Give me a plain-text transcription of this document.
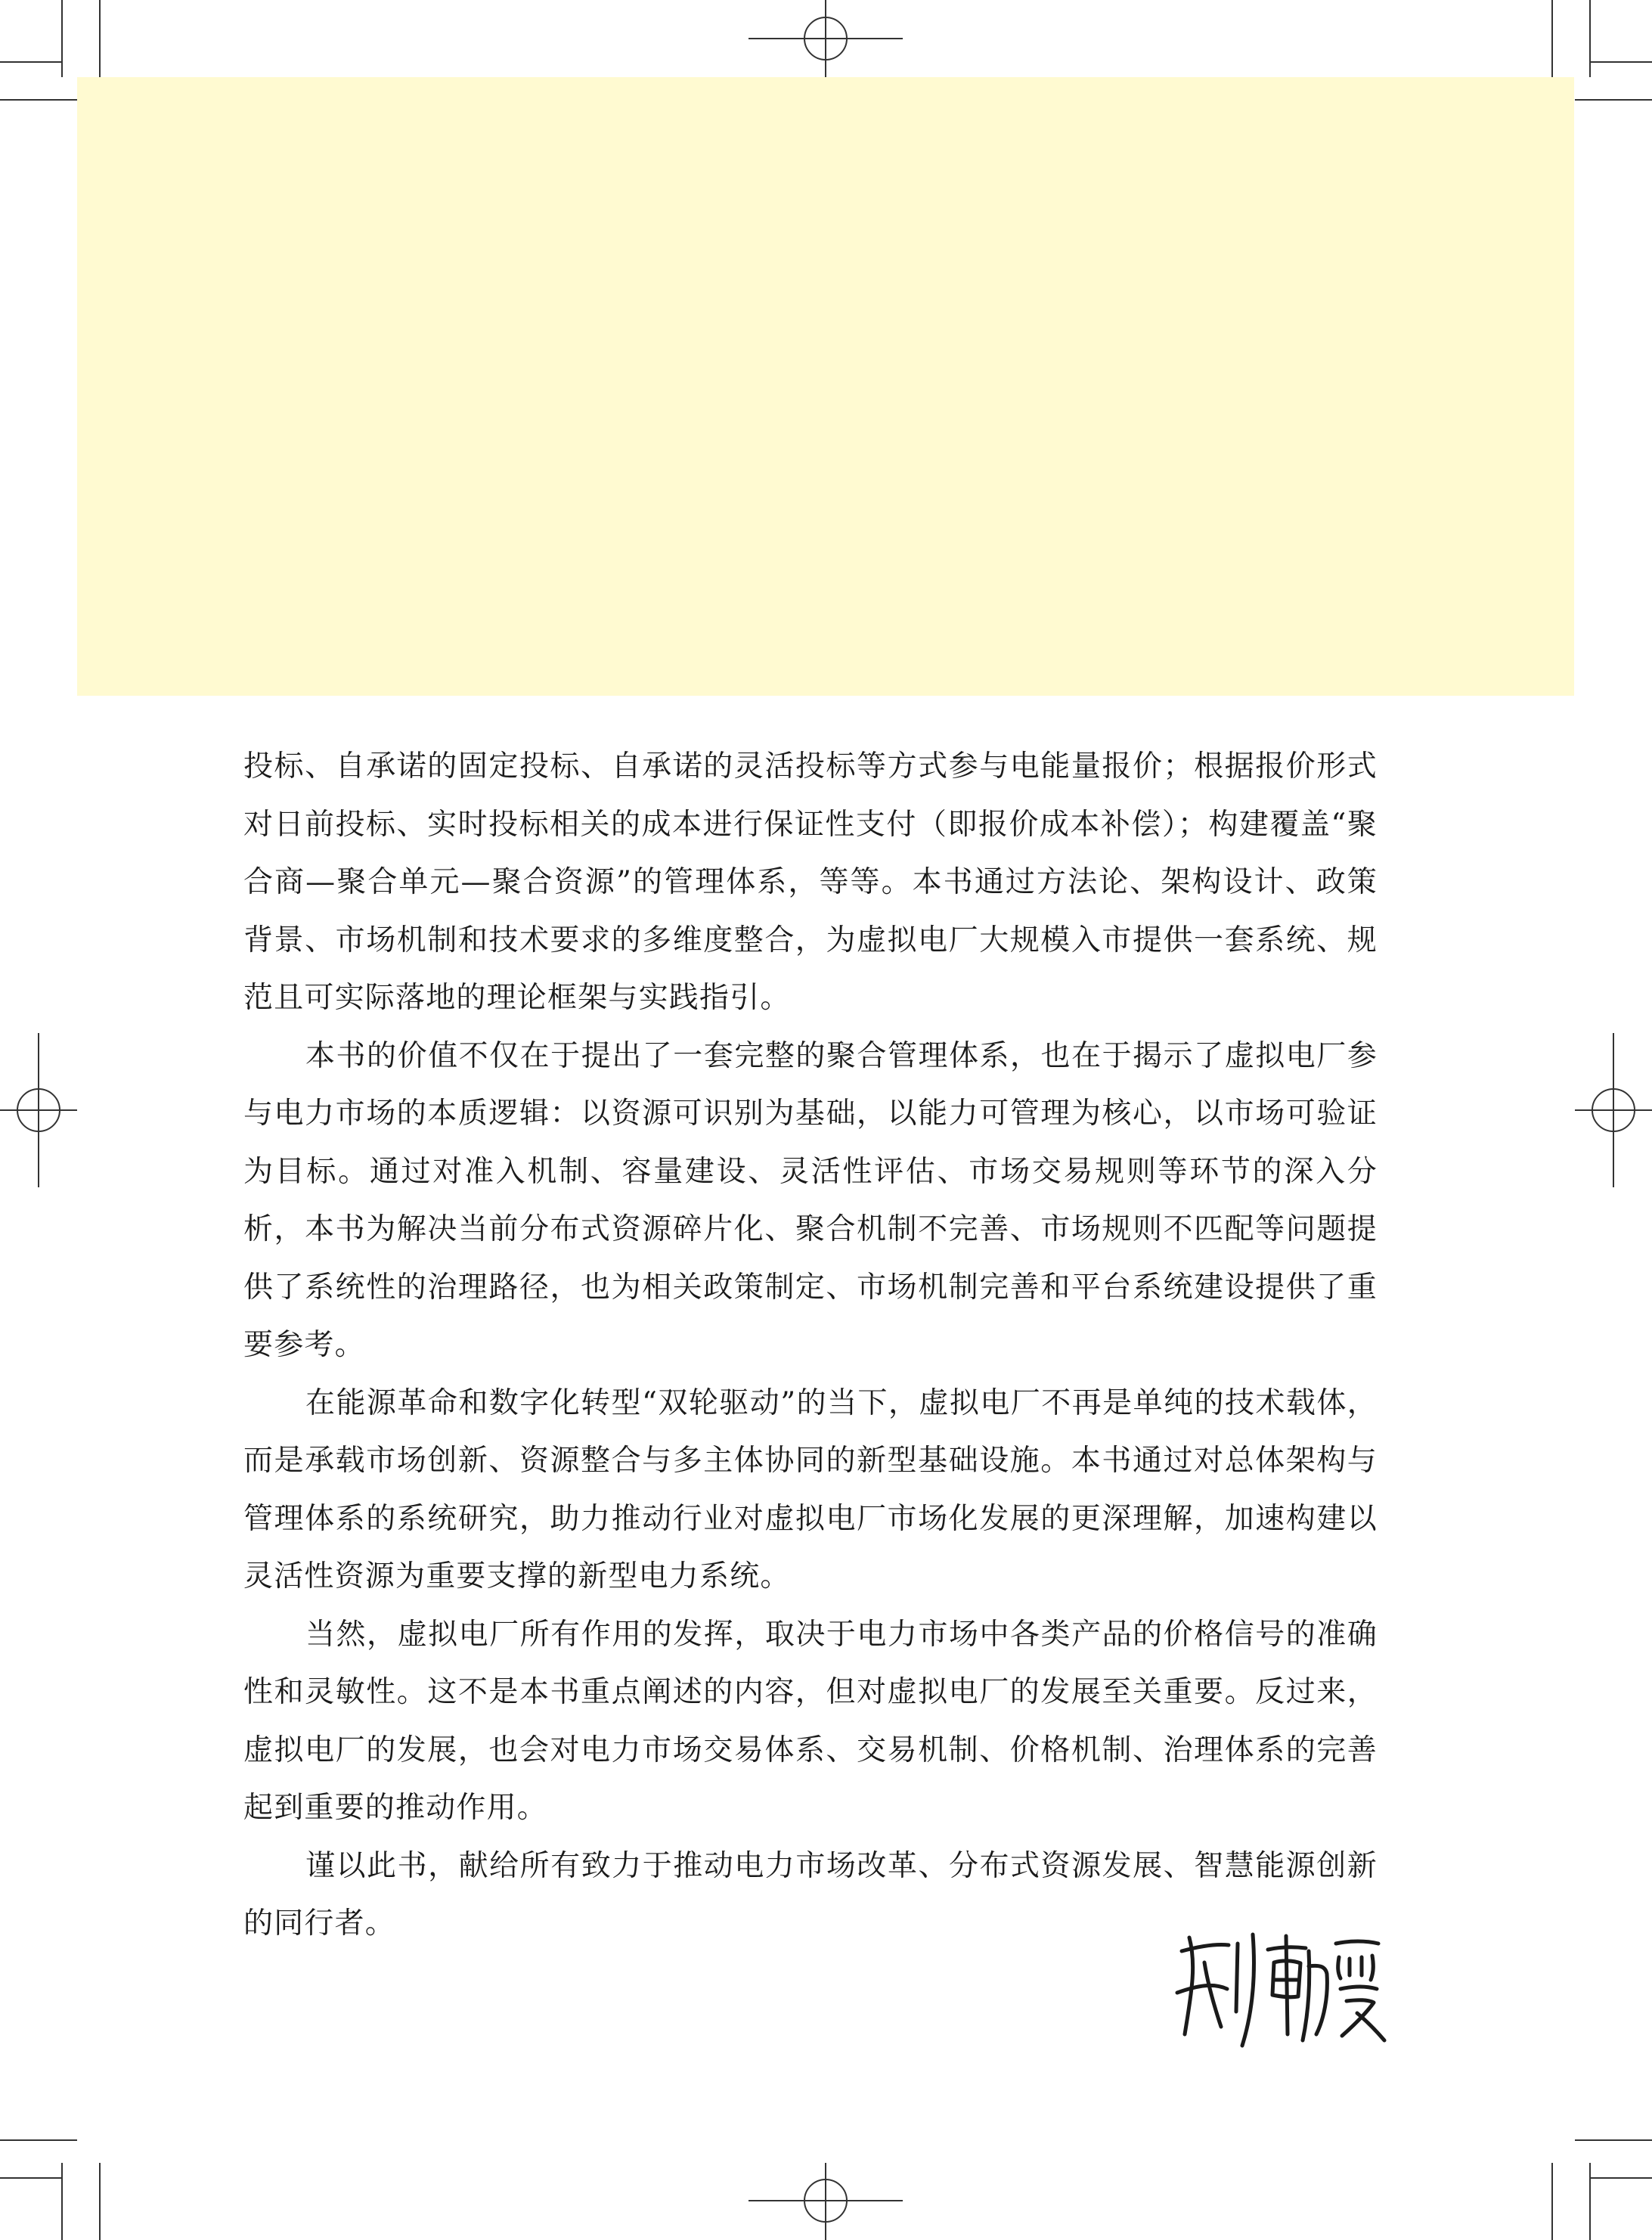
投标、自承诺的固定投标、自承诺的灵活投标等方式参与电能量报价；根据报价形式对日前投标、实时投标相关的成本进行保证性支付（即报价成本补偿）；构建覆盖“聚合商—聚合单元—聚合资源”的管理体系，等等。本书通过方法论、架构设计、政策背景、市场机制和技术要求的多维度整合，为虚拟电厂大规模入市提供一套系统、规范且可实际落地的理论框架与实践指引。

本书的价值不仅在于提出了一套完整的聚合管理体系，也在于揭示了虚拟电厂参与电力市场的本质逻辑：以资源可识别为基础，以能力可管理为核心，以市场可验证为目标。通过对准入机制、容量建设、灵活性评估、市场交易规则等环节的深入分析，本书为解决当前分布式资源碎片化、聚合机制不完善、市场规则不匹配等问题提供了系统性的治理路径，也为相关政策制定、市场机制完善和平台系统建设提供了重要参考。

在能源革命和数字化转型“双轮驱动”的当下，虚拟电厂不再是单纯的技术载体，而是承载市场创新、资源整合与多主体协同的新型基础设施。本书通过对总体架构与管理体系的系统研究，助力推动行业对虚拟电厂市场化发展的更深理解，加速构建以灵活性资源为重要支撑的新型电力系统。

当然，虚拟电厂所有作用的发挥，取决于电力市场中各类产品的价格信号的准确性和灵敏性。这不是本书重点阐述的内容，但对虚拟电厂的发展至关重要。反过来，虚拟电厂的发展，也会对电力市场交易体系、交易机制、价格机制、治理体系的完善起到重要的推动作用。

谨以此书，献给所有致力于推动电力市场改革、分布式资源发展、智慧能源创新的同行者。
